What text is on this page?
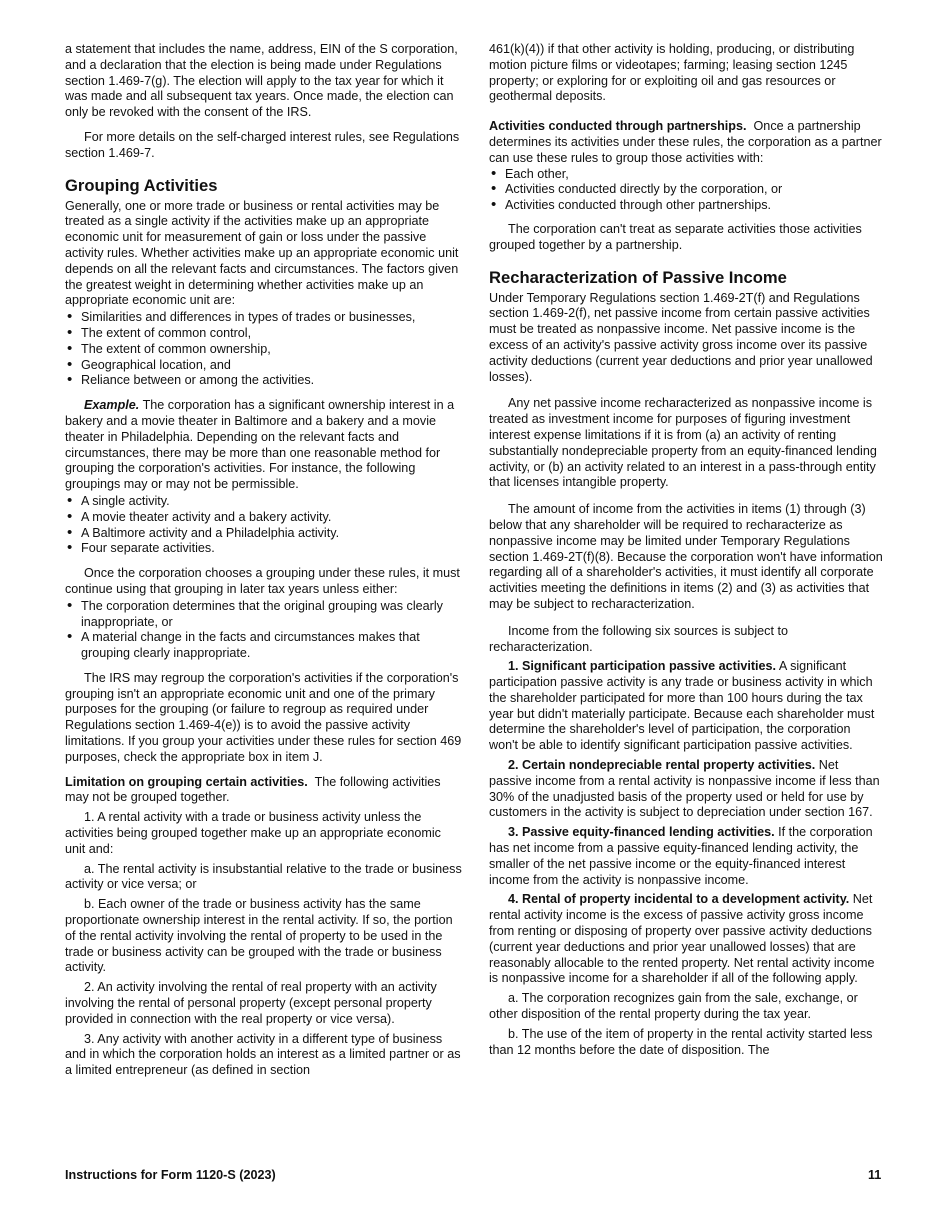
a statement that includes the name, address, EIN of the S corporation, and a declaration that the election is being made under Regulations section 1.469-7(g). The election will apply to the tax year for which it was made and all subsequent tax years. Once made, the election can only be revoked with the consent of the IRS.

For more details on the self-charged interest rules, see Regulations section 1.469-7.

Grouping Activities

Generally, one or more trade or business or rental activities may be treated as a single activity if the activities make up an appropriate economic unit for measurement of gain or loss under the passive activity rules. Whether activities make up an appropriate economic unit depends on all the relevant facts and circumstances. The factors given the greatest weight in determining whether activities make up an appropriate economic unit are:

• Similarities and differences in types of trades or businesses,
• The extent of common control,
• The extent of common ownership,
• Geographical location, and
• Reliance between or among the activities.

Example. The corporation has a significant ownership interest in a bakery and a movie theater in Baltimore and a bakery and a movie theater in Philadelphia. Depending on the relevant facts and circumstances, there may be more than one reasonable method for grouping the corporation's activities. For instance, the following groupings may or may not be permissible.

• A single activity.
• A movie theater activity and a bakery activity.
• A Baltimore activity and a Philadelphia activity.
• Four separate activities.

Once the corporation chooses a grouping under these rules, it must continue using that grouping in later tax years unless either:

• The corporation determines that the original grouping was clearly inappropriate, or
• A material change in the facts and circumstances makes that grouping clearly inappropriate.

The IRS may regroup the corporation's activities if the corporation's grouping isn't an appropriate economic unit and one of the primary purposes for the grouping (or failure to regroup as required under Regulations section 1.469-4(e)) is to avoid the passive activity limitations. If you group your activities under these rules for section 469 purposes, check the appropriate box in item J.

Limitation on grouping certain activities. The following activities may not be grouped together.

1. A rental activity with a trade or business activity unless the activities being grouped together make up an appropriate economic unit and:

a. The rental activity is insubstantial relative to the trade or business activity or vice versa; or

b. Each owner of the trade or business activity has the same proportionate ownership interest in the rental activity. If so, the portion of the rental activity involving the rental of property to be used in the trade or business activity can be grouped with the trade or business activity.

2. An activity involving the rental of real property with an activity involving the rental of personal property (except personal property provided in connection with the real property or vice versa).

3. Any activity with another activity in a different type of business and in which the corporation holds an interest as a limited partner or as a limited entrepreneur (as defined in section

461(k)(4)) if that other activity is holding, producing, or distributing motion picture films or videotapes; farming; leasing section 1245 property; or exploring for or exploiting oil and gas resources or geothermal deposits.

Activities conducted through partnerships. Once a partnership determines its activities under these rules, the corporation as a partner can use these rules to group those activities with:

• Each other,
• Activities conducted directly by the corporation, or
• Activities conducted through other partnerships.

The corporation can't treat as separate activities those activities grouped together by a partnership.

Recharacterization of Passive Income

Under Temporary Regulations section 1.469-2T(f) and Regulations section 1.469-2(f), net passive income from certain passive activities must be treated as nonpassive income. Net passive income is the excess of an activity's passive activity gross income over its passive activity deductions (current year deductions and prior year unallowed losses).

Any net passive income recharacterized as nonpassive income is treated as investment income for purposes of figuring investment interest expense limitations if it is from (a) an activity of renting substantially nondepreciable property from an equity-financed lending activity, or (b) an activity related to an interest in a pass-through entity that licenses intangible property.

The amount of income from the activities in items (1) through (3) below that any shareholder will be required to recharacterize as nonpassive income may be limited under Temporary Regulations section 1.469-2T(f)(8). Because the corporation won't have information regarding all of a shareholder's activities, it must identify all corporate activities meeting the definitions in items (2) and (3) as activities that may be subject to recharacterization.

Income from the following six sources is subject to recharacterization.

1. Significant participation passive activities. A significant participation passive activity is any trade or business activity in which the shareholder participated for more than 100 hours during the tax year but didn't materially participate. Because each shareholder must determine the shareholder's level of participation, the corporation won't be able to identify significant participation passive activities.

2. Certain nondepreciable rental property activities. Net passive income from a rental activity is nonpassive income if less than 30% of the unadjusted basis of the property used or held for use by customers in the activity is subject to depreciation under section 167.

3. Passive equity-financed lending activities. If the corporation has net income from a passive equity-financed lending activity, the smaller of the net passive income or the equity-financed interest income from the activity is nonpassive income.

4. Rental of property incidental to a development activity. Net rental activity income is the excess of passive activity gross income from renting or disposing of property over passive activity deductions (current year deductions and prior year unallowed losses) that are reasonably allocable to the rented property. Net rental activity income is nonpassive income for a shareholder if all of the following apply.

a. The corporation recognizes gain from the sale, exchange, or other disposition of the rental property during the tax year.

b. The use of the item of property in the rental activity started less than 12 months before the date of disposition. The

Instructions for Form 1120-S (2023)	11
